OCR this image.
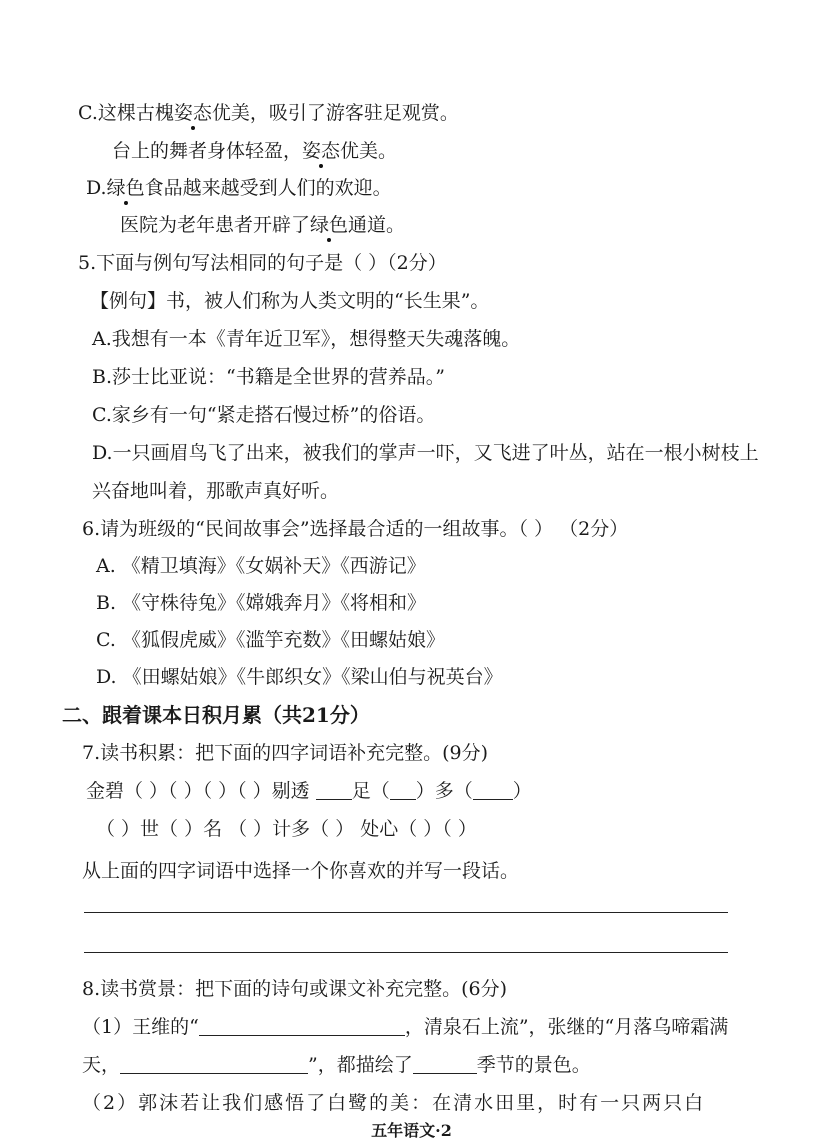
C.这棵古槐姿态优美，吸引了游客驻足观赏。
台上的舞者身体轻盈，姿态优美。
D.绿色食品越来越受到人们的欢迎。
医院为老年患者开辟了绿色通道。
5.下面与例句写法相同的句子是（ ）（2分）
【例句】书，被人们称为人类文明的“长生果”。
A.我想有一本《青年近卫军》，想得整天失魂落魄。
B.莎士比亚说：“书籍是全世界的营养品。”
C.家乡有一句“紧走搭石慢过桥”的俗语。
D.一只画眉鸟飞了出来，被我们的掌声一吓，又飞进了叶丛，站在一根小树枝上
兴奋地叫着，那歌声真好听。
6.请为班级的“民间故事会”选择最合适的一组故事。（ ） （2分）
A. 《精卫填海》《女娲补天》《西游记》
B. 《守株待兔》《嫦娥奔月》《将相和》
C. 《狐假虎威》《滥竽充数》《田螺姑娘》
D. 《田螺姑娘》《牛郎织女》《梁山伯与祝英台》
二、跟着课本日积月累（共21分）
7.读书积累：把下面的四字词语补充完整。(9分)
金碧（ ）（ ）（ ）（ ）剔透 足（ ）多（ ）
（ ）世（ ）名 （ ）计多（ ） 处心（ ）（ ）
从上面的四字词语中选择一个你喜欢的并写一段话。
8.读书赏景：把下面的诗句或课文补充完整。(6分)
（1）王维的“	，清泉石上流”，张继的“月落乌啼霜满
天，	”，都描绘了	季节的景色。
（2）郭沫若让我们感悟了白鹭的美：在清水田里，时有一只两只白
五年语文·2
